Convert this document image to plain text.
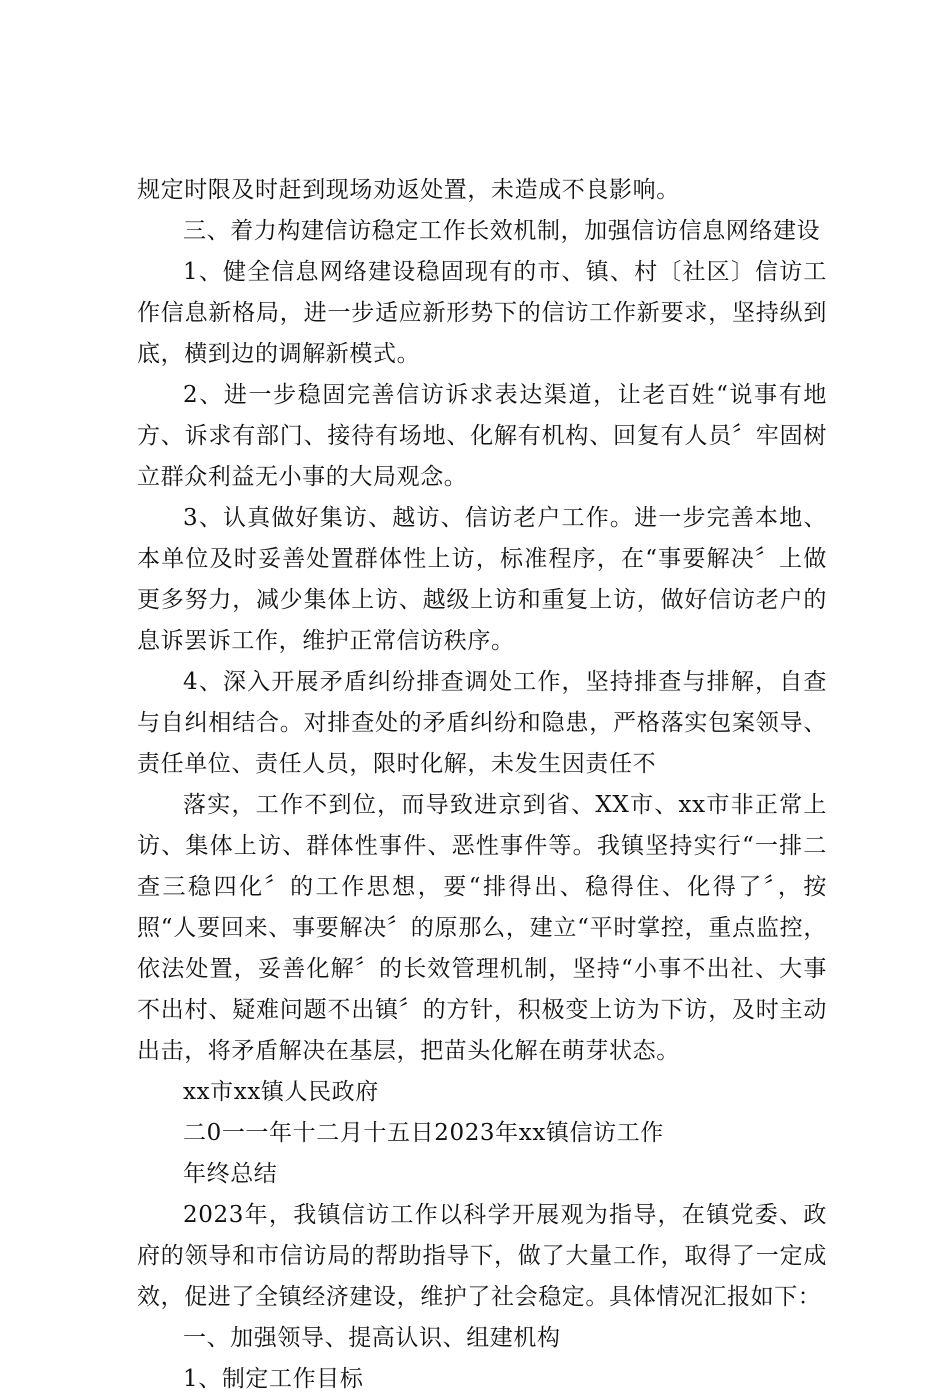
规定时限及时赶到现场劝返处置，未造成不良影响。

三、着力构建信访稳定工作长效机制，加强信访信息网络建设

1、健全信息网络建设稳固现有的市、镇、村〔社区〕信访工作信息新格局，进一步适应新形势下的信访工作新要求，坚持纵到底，横到边的调解新模式。

2、进一步稳固完善信访诉求表达渠道，让老百姓“说事有地方、诉求有部门、接待有场地、化解有机构、回复有人员〞牢固树立群众利益无小事的大局观念。

3、认真做好集访、越访、信访老户工作。进一步完善本地、本单位及时妥善处置群体性上访，标准程序，在“事要解决〞上做更多努力，减少集体上访、越级上访和重复上访，做好信访老户的息诉罢诉工作，维护正常信访秩序。

4、深入开展矛盾纠纷排查调处工作，坚持排查与排解，自查与自纠相结合。对排查处的矛盾纠纷和隐患，严格落实包案领导、责任单位、责任人员，限时化解，未发生因责任不

落实，工作不到位，而导致进京到省、XX市、xx市非正常上访、集体上访、群体性事件、恶性事件等。我镇坚持实行“一排二查三稳四化〞的工作思想，要“排得出、稳得住、化得了〞，按照“人要回来、事要解决〞的原那么，建立“平时掌控，重点监控，依法处置，妥善化解〞的长效管理机制，坚持“小事不出社、大事不出村、疑难问题不出镇〞的方针，积极变上访为下访，及时主动出击，将矛盾解决在基层，把苗头化解在萌芽状态。

xx市xx镇人民政府

二0一一年十二月十五日2023年xx镇信访工作

年终总结

2023年，我镇信访工作以科学开展观为指导，在镇党委、政府的领导和市信访局的帮助指导下，做了大量工作，取得了一定成效，促进了全镇经济建设，维护了社会稳定。具体情况汇报如下：

一、加强领导、提高认识、组建机构

1、制定工作目标
